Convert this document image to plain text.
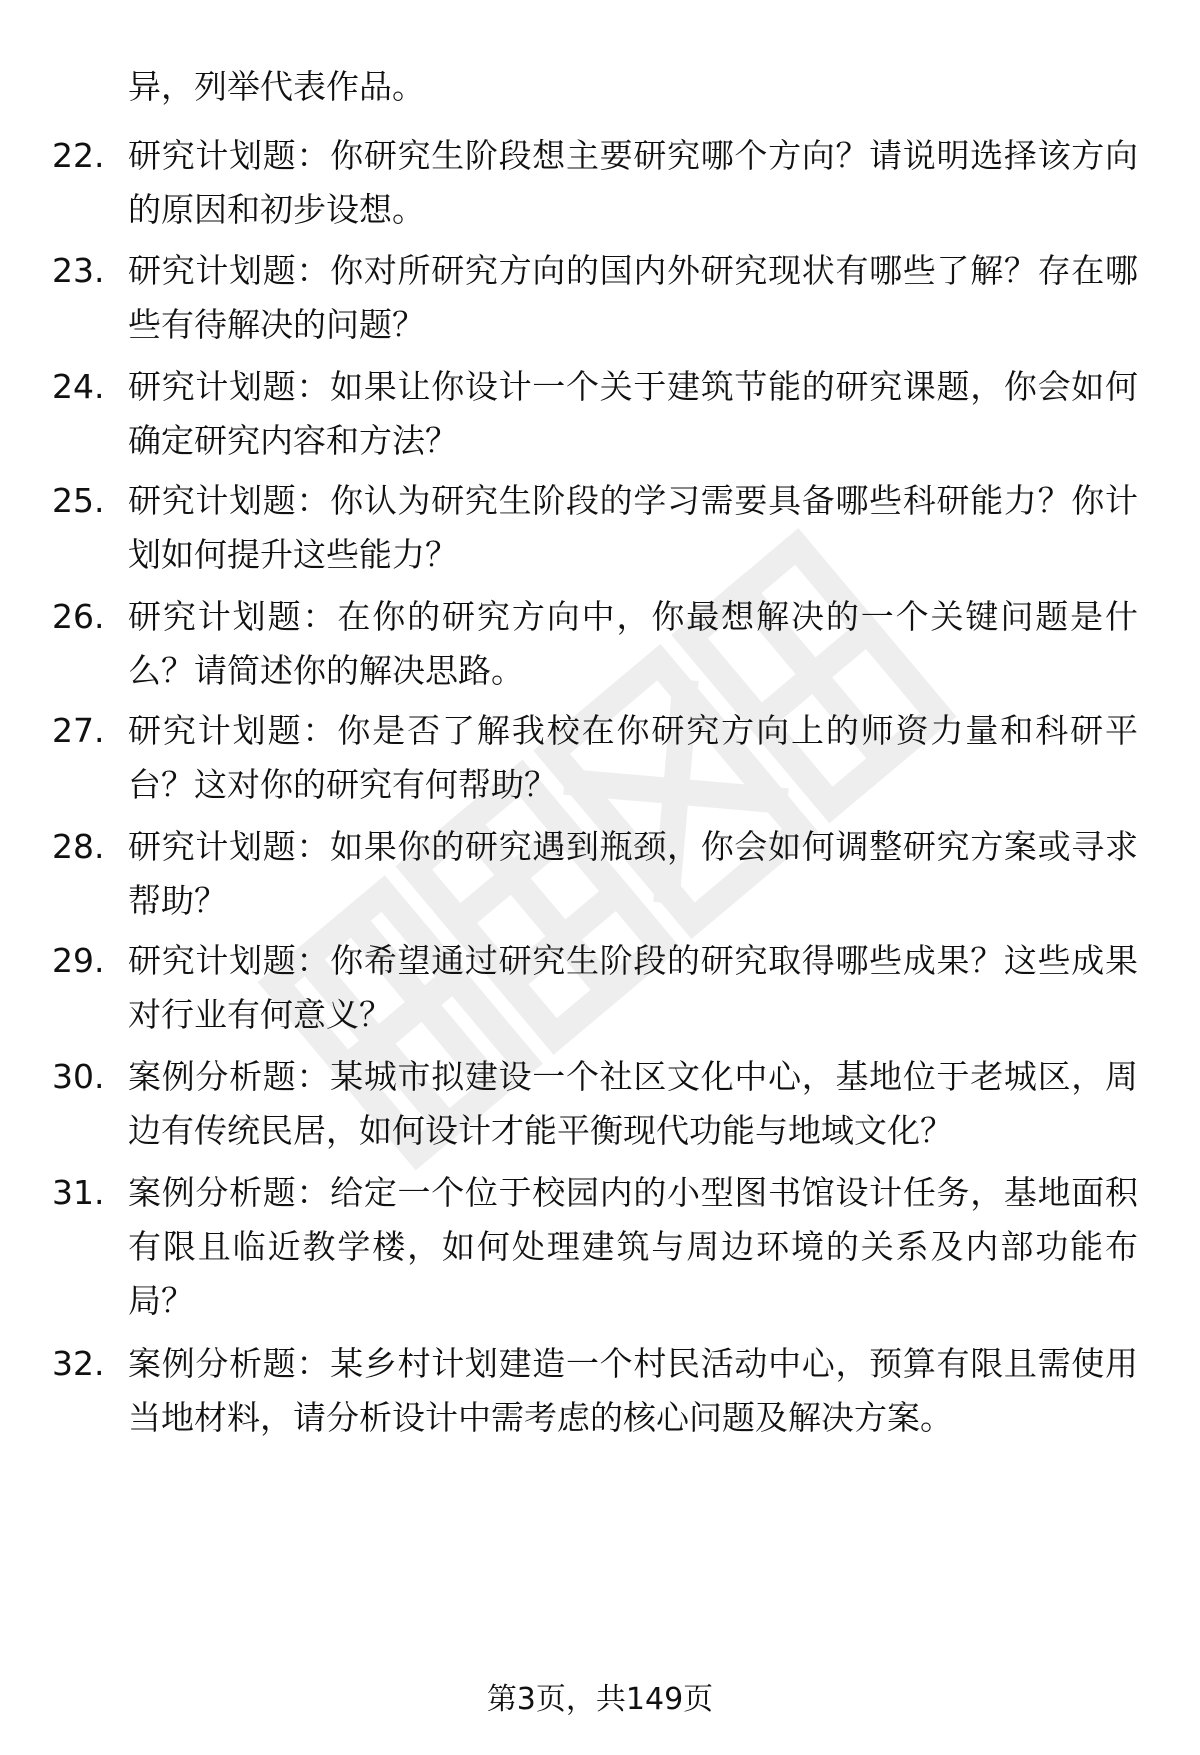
异，列举代表作品。
22. 研究计划题：你研究生阶段想主要研究哪个方向？请说明选择该方向的原因和初步设想。
23. 研究计划题：你对所研究方向的国内外研究现状有哪些了解？存在哪些有待解决的问题？
24. 研究计划题：如果让你设计一个关于建筑节能的研究课题，你会如何确定研究内容和方法？
25. 研究计划题：你认为研究生阶段的学习需要具备哪些科研能力？你计划如何提升这些能力？
26. 研究计划题：在你的研究方向中，你最想解决的一个关键问题是什么？请简述你的解决思路。
27. 研究计划题：你是否了解我校在你研究方向上的师资力量和科研平台？这对你的研究有何帮助？
28. 研究计划题：如果你的研究遇到瓶颈，你会如何调整研究方案或寻求帮助？
29. 研究计划题：你希望通过研究生阶段的研究取得哪些成果？这些成果对行业有何意义？
30. 案例分析题：某城市拟建设一个社区文化中心，基地位于老城区，周边有传统民居，如何设计才能平衡现代功能与地域文化？
31. 案例分析题：给定一个位于校园内的小型图书馆设计任务，基地面积有限且临近教学楼，如何处理建筑与周边环境的关系及内部功能布局？
32. 案例分析题：某乡村计划建造一个村民活动中心，预算有限且需使用当地材料，请分析设计中需考虑的核心问题及解决方案。
第3页，共149页
